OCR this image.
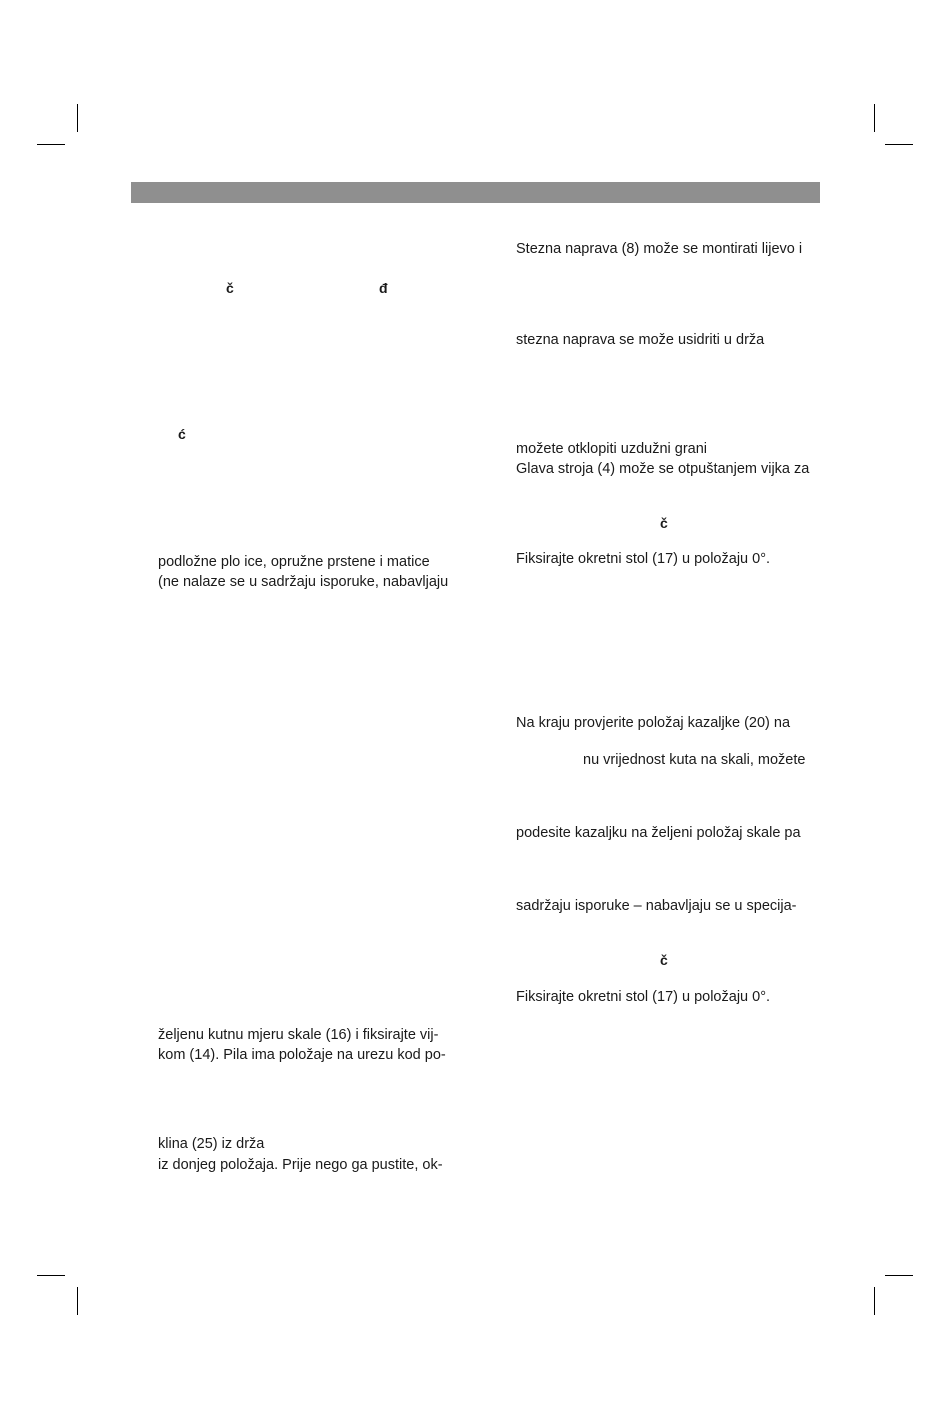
č	đ
ć
podložne plo ice, opružne prstene i matice
(ne nalaze se u sadržaju isporuke, nabavljaju
željenu kutnu mjeru skale (16) i fiksirajte vij-
kom (14). Pila ima položaje na urezu kod po-
klina (25) iz drža
iz donjeg položaja. Prije nego ga pustite, ok-
Stezna naprava (8) može se montirati lijevo i
stezna naprava se može usidriti u drža
možete otklopiti uzdužni grani
Glava stroja (4) može se otpuštanjem vijka za
č
Fiksirajte okretni stol (17) u položaju 0°.
Na kraju provjerite položaj kazaljke (20) na
nu vrijednost kuta na skali, možete
podesite kazaljku na željeni položaj skale pa
sadržaju isporuke – nabavljaju se u specija-
č
Fiksirajte okretni stol (17) u položaju 0°.
